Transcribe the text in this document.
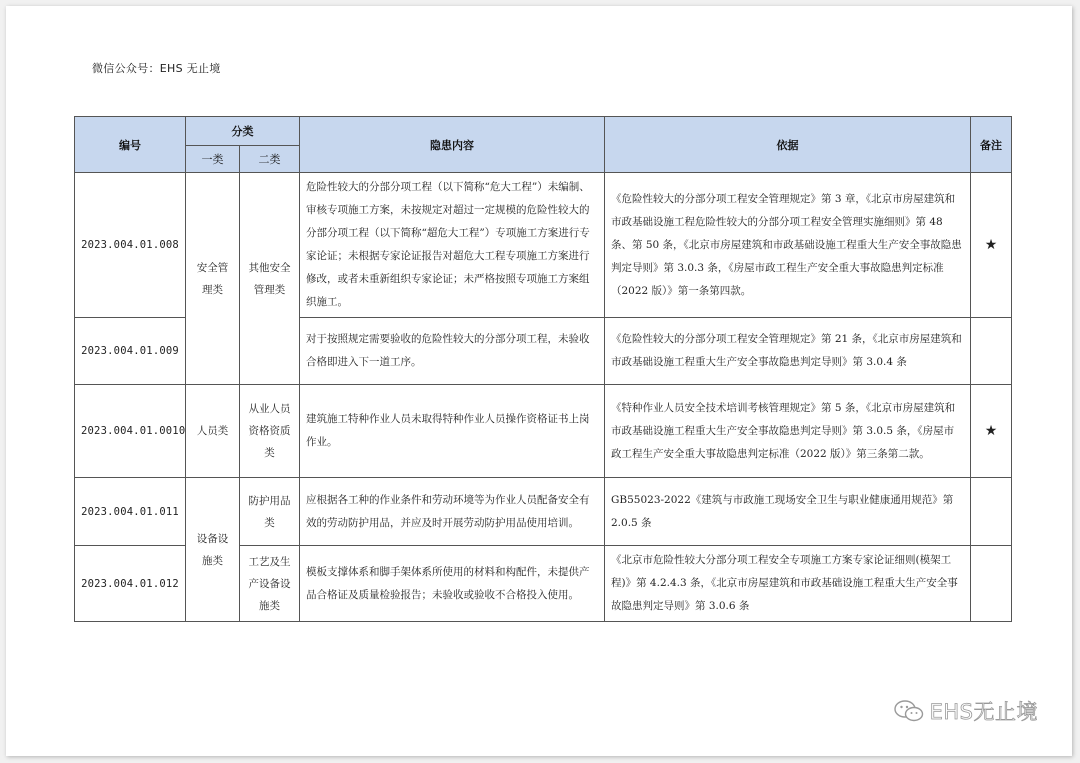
微信公众号：EHS 无止境
编号	分类		隐患内容	依据	备注
	一类	二类			
2023.004.01.008	安全管理类	其他安全管理类	危险性较大的分部分项工程（以下简称“危大工程”）未编制、审核专项施工方案，未按规定对超过一定规模的危险性较大的分部分项工程（以下简称“超危大工程”）专项施工方案进行专家论证；未根据专家论证报告对超危大工程专项施工方案进行修改，或者未重新组织专家论证；未严格按照专项施工方案组织施工。	《危险性较大的分部分项工程安全管理规定》第 3 章，《北京市房屋建筑和市政基础设施工程危险性较大的分部分项工程安全管理实施细则》第 48 条、第 50 条，《北京市房屋建筑和市政基础设施工程重大生产安全事故隐患判定导则》第 3.0.3 条，《房屋市政工程生产安全重大事故隐患判定标准（2022 版）》第一条第四款。	★
2023.004.01.009			对于按照规定需要验收的危险性较大的分部分项工程，未验收合格即进入下一道工序。	《危险性较大的分部分项工程安全管理规定》第 21 条，《北京市房屋建筑和市政基础设施工程重大生产安全事故隐患判定导则》第 3.0.4 条	
2023.004.01.0010	人员类	从业人员资格资质类	建筑施工特种作业人员未取得特种作业人员操作资格证书上岗作业。	《特种作业人员安全技术培训考核管理规定》第 5 条，《北京市房屋建筑和市政基础设施工程重大生产安全事故隐患判定导则》第 3.0.5 条，《房屋市政工程生产安全重大事故隐患判定标准（2022 版）》第三条第二款。	★
2023.004.01.011	设备设施类	防护用品类	应根据各工种的作业条件和劳动环境等为作业人员配备安全有效的劳动防护用品，并应及时开展劳动防护用品使用培训。	GB55023-2022《建筑与市政施工现场安全卫生与职业健康通用规范》第 2.0.5 条	
2023.004.01.012		工艺及生产设备设施类	模板支撑体系和脚手架体系所使用的材料和构配件，未提供产品合格证及质量检验报告；未验收或验收不合格投入使用。	《北京市危险性较大分部分项工程安全专项施工方案专家论证细则(模架工程)》第 4.2.4.3 条，《北京市房屋建筑和市政基础设施工程重大生产安全事故隐患判定导则》第 3.0.6 条	
EHS无止境
